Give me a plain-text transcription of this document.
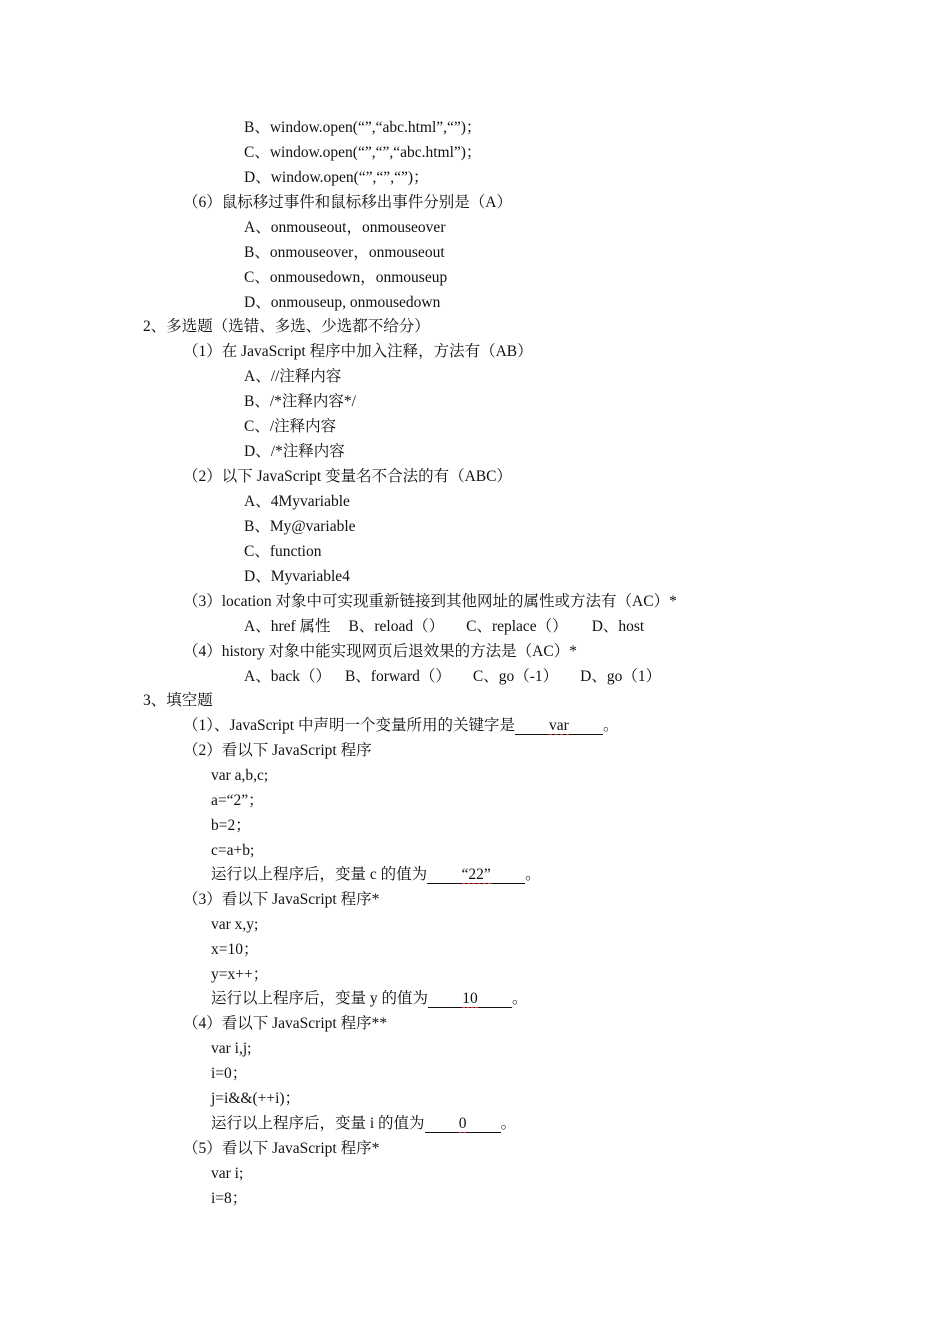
B、window.open(“”,“abc.html”,“”)；
C、window.open(“”,“”,“abc.html”)；
D、window.open(“”,“”,“”)；
（6）鼠标移过事件和鼠标移出事件分别是（A）
A、onmouseout，onmouseover
B、onmouseover，onmouseout
C、onmousedown，onmouseup
D、onmouseup, onmousedown
2、多选题（选错、多选、少选都不给分）
（1）在 JavaScript 程序中加入注释，方法有（AB）
A、//注释内容
B、/*注释内容*/
C、/注释内容
D、/*注释内容
（2）以下 JavaScript 变量名不合法的有（ABC）
A、4Myvariable
B、My@variable
C、function
D、Myvariable4
（3）location 对象中可实现重新链接到其他网址的属性或方法有（AC）*
A、href 属性 B、reload（） C、replace（） D、host
（4）history 对象中能实现网页后退效果的方法是（AC）*
A、back（） B、forward（） C、go（-1） D、go（1）
3、填空题
（1）、JavaScript 中声明一个变量所用的关键字是 var 。
（2）看以下 JavaScript 程序
var a,b,c;
a=“2”；
b=2；
c=a+b;
运行以上程序后，变量 c 的值为 “22” 。
（3）看以下 JavaScript 程序*
var x,y;
x=10；
y=x++；
运行以上程序后，变量 y 的值为 10 。
（4）看以下 JavaScript 程序**
var i,j;
i=0；
j=i&&(++i)；
运行以上程序后，变量 i 的值为 0 。
（5）看以下 JavaScript 程序*
var i;
i=8；
